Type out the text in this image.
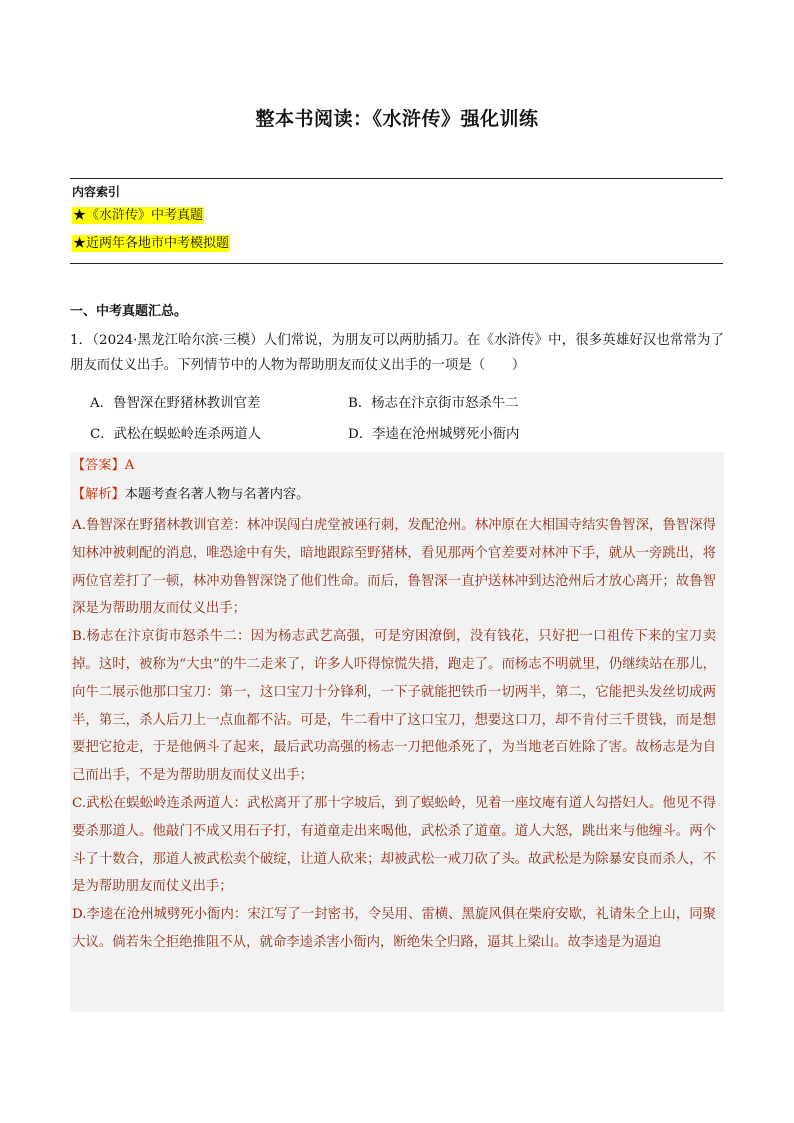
整本书阅读：《水浒传》强化训练
内容索引
★《水浒传》中考真题
★近两年各地市中考模拟题
一、中考真题汇总。
1．（2024·黑龙江哈尔滨·三模）人们常说，为朋友可以两肋插刀。在《水浒传》中，很多英雄好汉也常常为了朋友而仗义出手。下列情节中的人物为帮助朋友而仗义出手的一项是（　　）
A．鲁智深在野猪林教训官差	B．杨志在汴京街市怒杀牛二
C．武松在蜈蚣岭连杀两道人	D．李逵在沧州城劈死小衙内
【答案】A
【解析】本题考查名著人物与名著内容。

A.鲁智深在野猪林教训官差：林冲误闯白虎堂被诬行刺，发配沧州。林冲原在大相国寺结实鲁智深，鲁智深得知林冲被刺配的消息，唯恐途中有失，暗地跟踪至野猪林，看见那两个官差要对林冲下手，就从一旁跳出，将两位官差打了一顿，林冲劝鲁智深饶了他们性命。而后，鲁智深一直护送林冲到达沧州后才放心离开；故鲁智深是为帮助朋友而仗义出手；

B.杨志在汴京街市怒杀牛二：因为杨志武艺高强，可是穷困潦倒，没有钱花，只好把一口祖传下来的宝刀卖掉。这时，被称为“大虫”的牛二走来了，许多人吓得惊慌失措，跑走了。而杨志不明就里，仍继续站在那儿，向牛二展示他那口宝刀：第一，这口宝刀十分锋利，一下子就能把铁币一切两半，第二，它能把头发丝切成两半，第三，杀人后刀上一点血都不沾。可是，牛二看中了这口宝刀，想要这口刀，却不肯付三千贯钱，而是想要把它抢走，于是他俩斗了起来，最后武功高强的杨志一刀把他杀死了，为当地老百姓除了害。故杨志是为自己而出手，不是为帮助朋友而仗义出手；

C.武松在蜈蚣岭连杀两道人：武松离开了那十字坡后，到了蜈蚣岭，见着一座坟庵有道人勾搭妇人。他见不得要杀那道人。他敲门不成又用石子打，有道童走出来喝他，武松杀了道童。道人大怒，跳出来与他缠斗。两个斗了十数合，那道人被武松卖个破绽，让道人砍来；却被武松一戒刀砍了头。故武松是为除暴安良而杀人，不是为帮助朋友而仗义出手；

D.李逵在沧州城劈死小衙内：宋江写了一封密书，令吴用、雷横、黑旋风俱在柴府安歇，礼请朱仝上山，同聚大议。倘若朱仝拒绝推阻不从，就命李逵杀害小衙内，断绝朱仝归路，逼其上梁山。故李逵是为逼迫
